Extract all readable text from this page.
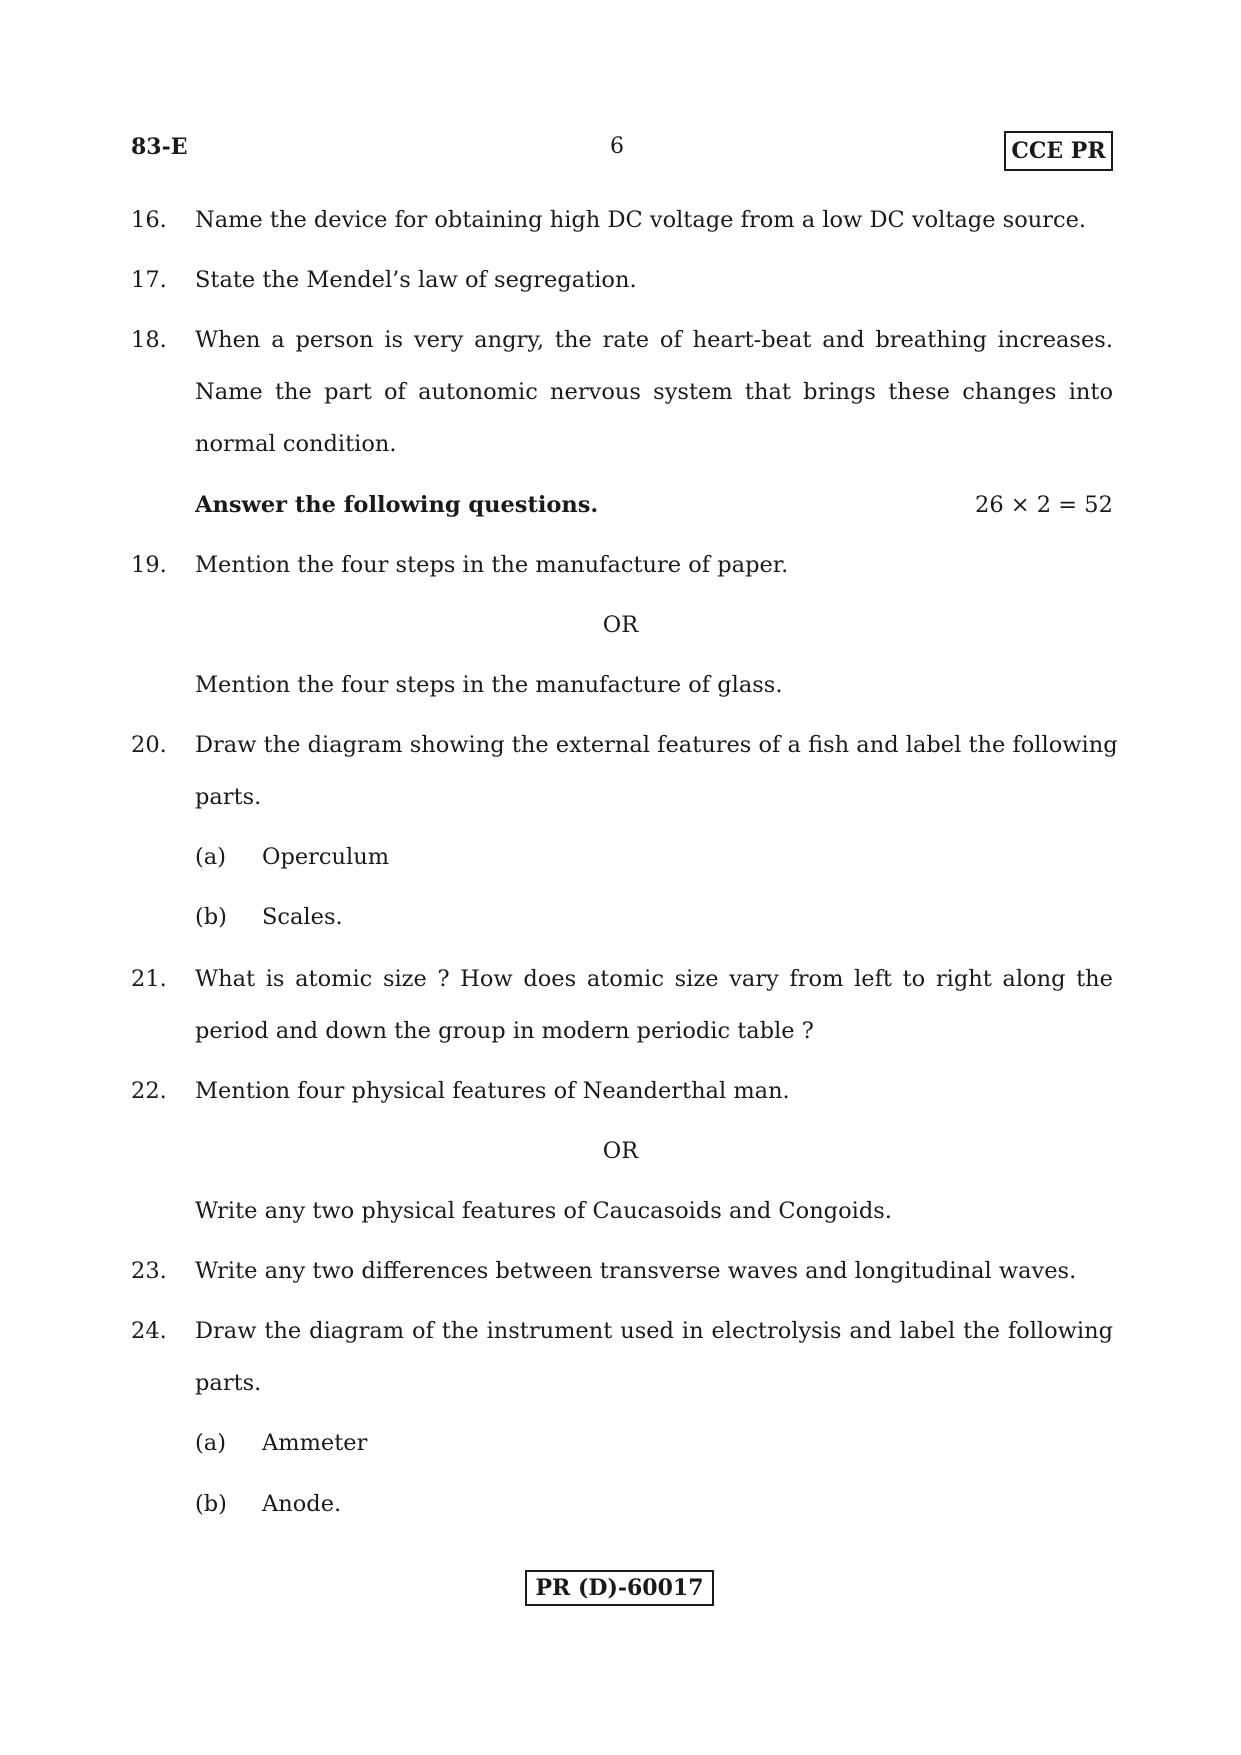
83-E	6	CCE PR
16. Name the device for obtaining high DC voltage from a low DC voltage source.
17. State the Mendel’s law of segregation.
18. When a person is very angry, the rate of heart-beat and breathing increases.
Name the part of autonomic nervous system that brings these changes into
normal condition.
Answer the following questions.	26 × 2 = 52
19. Mention the four steps in the manufacture of paper.
OR
Mention the four steps in the manufacture of glass.
20. Draw the diagram showing the external features of a fish and label the following
parts.
(a) Operculum
(b) Scales.
21. What is atomic size ? How does atomic size vary from left to right along the
period and down the group in modern periodic table ?
22. Mention four physical features of Neanderthal man.
OR
Write any two physical features of Caucasoids and Congoids.
23. Write any two differences between transverse waves and longitudinal waves.
24. Draw the diagram of the instrument used in electrolysis and label the following
parts.
(a) Ammeter
(b) Anode.
PR (D)-60017
